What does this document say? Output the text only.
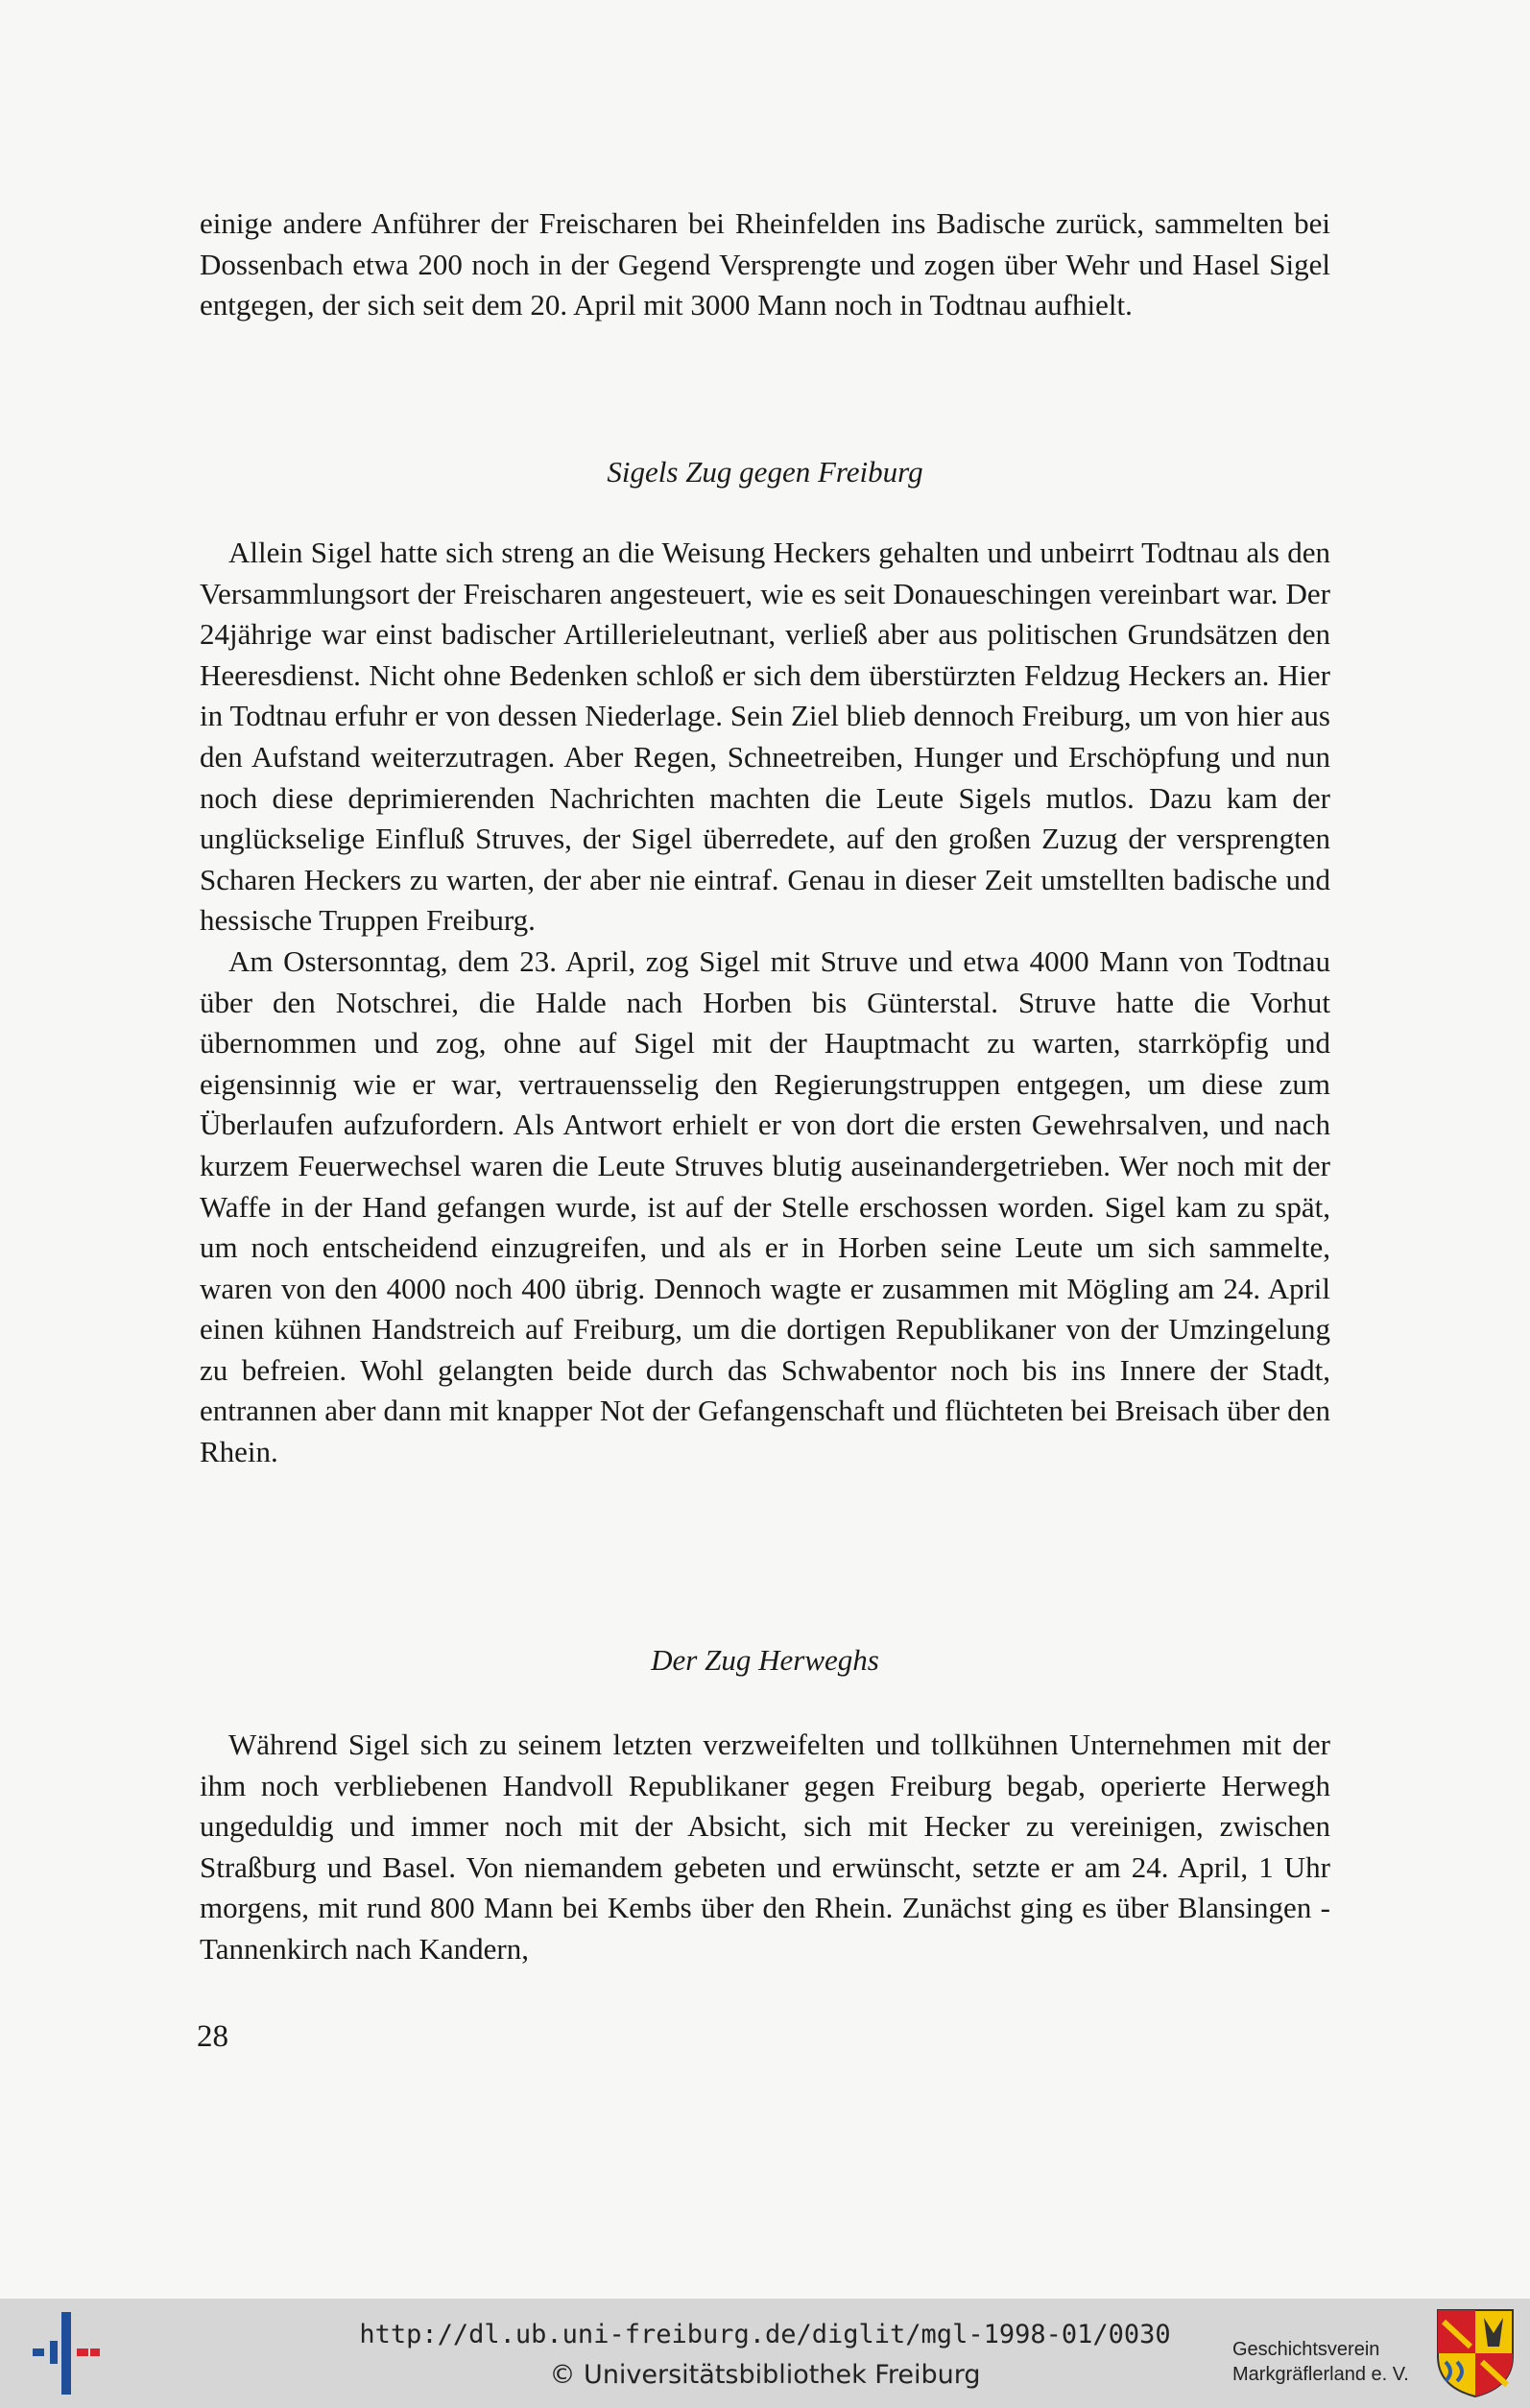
einige andere Anführer der Freischaren bei Rheinfelden ins Badische zurück, sammelten bei Dossenbach etwa 200 noch in der Gegend Versprengte und zogen über Wehr und Hasel Sigel entgegen, der sich seit dem 20. April mit 3000 Mann noch in Todtnau aufhielt.

Sigels Zug gegen Freiburg

Allein Sigel hatte sich streng an die Weisung Heckers gehalten und unbeirrt Todtnau als den Versammlungsort der Freischaren angesteuert, wie es seit Donaueschingen vereinbart war. Der 24jährige war einst badischer Artillerieleutnant, verließ aber aus politischen Grundsätzen den Heeresdienst. Nicht ohne Bedenken schloß er sich dem überstürzten Feldzug Heckers an. Hier in Todtnau erfuhr er von dessen Niederlage. Sein Ziel blieb dennoch Freiburg, um von hier aus den Aufstand weiterzutragen. Aber Regen, Schneetreiben, Hunger und Erschöpfung und nun noch diese deprimierenden Nachrichten machten die Leute Sigels mutlos. Dazu kam der unglückselige Einfluß Struves, der Sigel überredete, auf den großen Zuzug der versprengten Scharen Heckers zu warten, der aber nie eintraf. Genau in dieser Zeit umstellten badische und hessische Truppen Freiburg.

Am Ostersonntag, dem 23. April, zog Sigel mit Struve und etwa 4000 Mann von Todtnau über den Notschrei, die Halde nach Horben bis Günterstal. Struve hatte die Vorhut übernommen und zog, ohne auf Sigel mit der Hauptmacht zu warten, starrköpfig und eigensinnig wie er war, vertrauensselig den Regierungstruppen entgegen, um diese zum Überlaufen aufzufordern. Als Antwort erhielt er von dort die ersten Gewehrsalven, und nach kurzem Feuerwechsel waren die Leute Struves blutig auseinandergetrieben. Wer noch mit der Waffe in der Hand gefangen wurde, ist auf der Stelle erschossen worden. Sigel kam zu spät, um noch entscheidend einzugreifen, und als er in Horben seine Leute um sich sammelte, waren von den 4000 noch 400 übrig. Dennoch wagte er zusammen mit Mögling am 24. April einen kühnen Handstreich auf Freiburg, um die dortigen Republikaner von der Umzingelung zu befreien. Wohl gelangten beide durch das Schwabentor noch bis ins Innere der Stadt, entrannen aber dann mit knapper Not der Gefangenschaft und flüchteten bei Breisach über den Rhein.

Der Zug Herweghs

Während Sigel sich zu seinem letzten verzweifelten und tollkühnen Unternehmen mit der ihm noch verbliebenen Handvoll Republikaner gegen Freiburg begab, operierte Herwegh ungeduldig und immer noch mit der Absicht, sich mit Hecker zu vereinigen, zwischen Straßburg und Basel. Von niemandem gebeten und erwünscht, setzte er am 24. April, 1 Uhr morgens, mit rund 800 Mann bei Kembs über den Rhein. Zunächst ging es über Blansingen - Tannenkirch nach Kandern,

28
http://dl.ub.uni-freiburg.de/diglit/mgl-1998-01/0030
© Universitätsbibliothek Freiburg
Geschichtsverein
Markgräflerland e. V.
